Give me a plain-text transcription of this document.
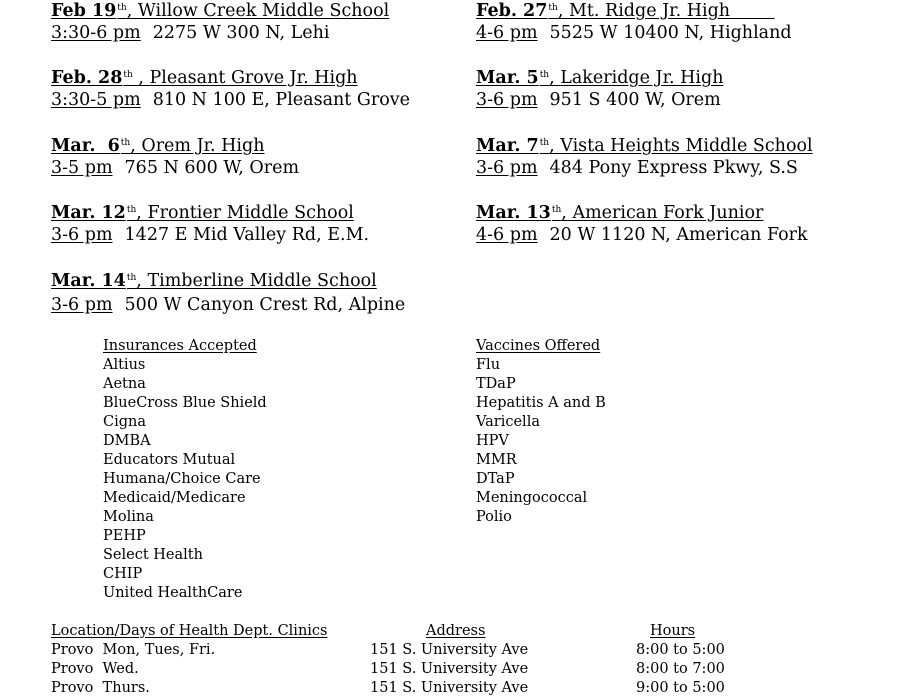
Feb 19th, Willow Creek Middle School
3:30-6 pm 2275 W 300 N, Lehi
Feb. 28th , Pleasant Grove Jr. High
3:30-5 pm 810 N 100 E, Pleasant Grove
Mar.  6th, Orem Jr. High
3-5 pm 765 N 600 W, Orem
Mar. 12th, Frontier Middle School
3-6 pm 1427 E Mid Valley Rd, E.M.
Mar. 14th, Timberline Middle School
3-6 pm 500 W Canyon Crest Rd, Alpine
Feb. 27th, Mt. Ridge Jr. High
4-6 pm 5525 W 10400 N, Highland
Mar. 5th, Lakeridge Jr. High
3-6 pm 951 S 400 W, Orem
Mar. 7th, Vista Heights Middle School
3-6 pm 484 Pony Express Pkwy, S.S
Mar. 13th, American Fork Junior
4-6 pm 20 W 1120 N, American Fork
Insurances Accepted
Altius
Aetna
BlueCross Blue Shield
Cigna
DMBA
Educators Mutual
Humana/Choice Care
Medicaid/Medicare
Molina
PEHP
Select Health
CHIP
United HealthCare
Vaccines Offered
Flu
TDaP
Hepatitis A and B
Varicella
HPV
MMR
DTaP
Meningococcal
Polio
Location/Days of Health Dept. Clinics	Address	Hours
Provo  Mon, Tues, Fri.	151 S. University Ave	8:00 to 5:00
Provo  Wed.	151 S. University Ave	8:00 to 7:00
Provo  Thurs.	151 S. University Ave	9:00 to 5:00
